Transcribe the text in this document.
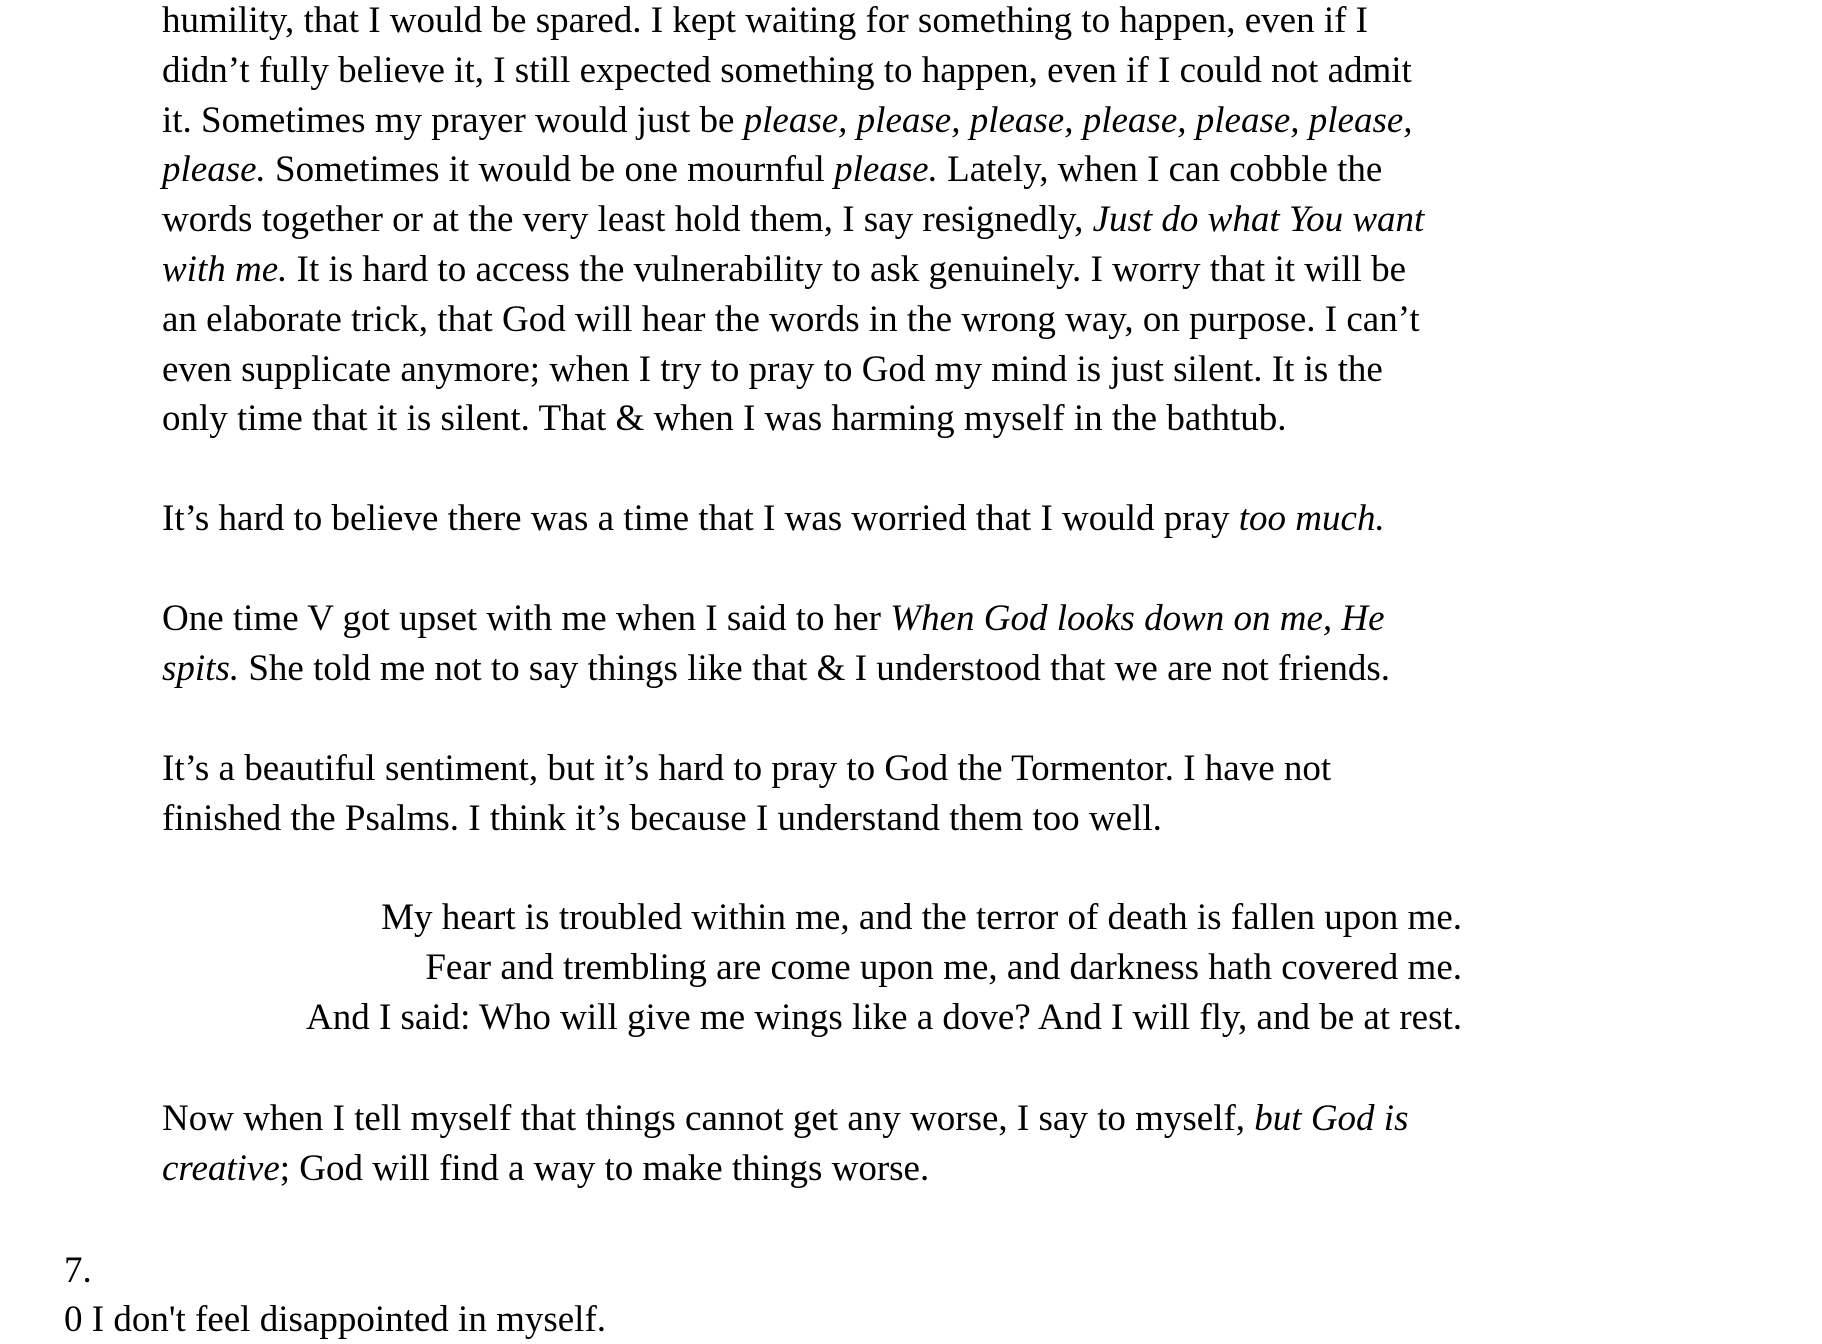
humility, that I would be spared. I kept waiting for something to happen, even if I
didn’t fully believe it, I still expected something to happen, even if I could not admit
it. Sometimes my prayer would just be please, please, please, please, please, please,
please. Sometimes it would be one mournful please. Lately, when I can cobble the
words together or at the very least hold them, I say resignedly, Just do what You want
with me. It is hard to access the vulnerability to ask genuinely. I worry that it will be
an elaborate trick, that God will hear the words in the wrong way, on purpose. I can’t
even supplicate anymore; when I try to pray to God my mind is just silent. It is the
only time that it is silent. That & when I was harming myself in the bathtub.

It’s hard to believe there was a time that I was worried that I would pray too much.

One time V got upset with me when I said to her When God looks down on me, He
spits. She told me not to say things like that & I understood that we are not friends.

It’s a beautiful sentiment, but it’s hard to pray to God the Tormentor. I have not
finished the Psalms. I think it’s because I understand them too well.

My heart is troubled within me, and the terror of death is fallen upon me.
Fear and trembling are come upon me, and darkness hath covered me.
And I said: Who will give me wings like a dove? And I will fly, and be at rest.

Now when I tell myself that things cannot get any worse, I say to myself, but God is
creative; God will find a way to make things worse.

7.
0 I don't feel disappointed in myself.
